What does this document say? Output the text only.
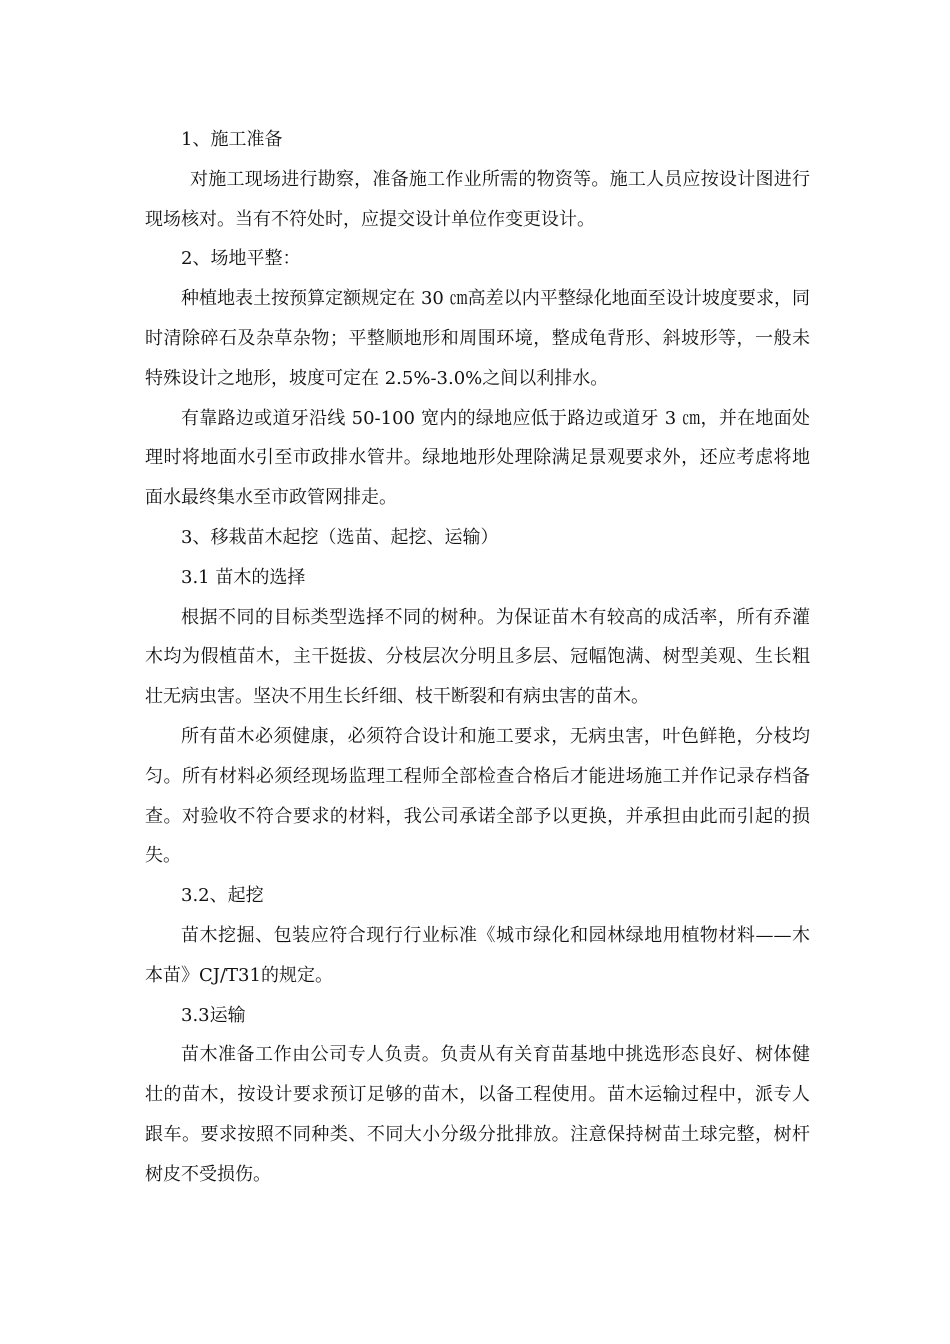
1、施工准备

对施工现场进行勘察，准备施工作业所需的物资等。施工人员应按设计图进行现场核对。当有不符处时，应提交设计单位作变更设计。

2、场地平整：

种植地表土按预算定额规定在 30 ㎝高差以内平整绿化地面至设计坡度要求，同时清除碎石及杂草杂物；平整顺地形和周围环境，整成龟背形、斜坡形等，一般未特殊设计之地形，坡度可定在 2.5%-3.0%之间以利排水。

有靠路边或道牙沿线 50-100 宽内的绿地应低于路边或道牙 3 ㎝，并在地面处理时将地面水引至市政排水管井。绿地地形处理除满足景观要求外，还应考虑将地面水最终集水至市政管网排走。

3、移栽苗木起挖（选苗、起挖、运输）

3.1 苗木的选择

根据不同的目标类型选择不同的树种。为保证苗木有较高的成活率，所有乔灌木均为假植苗木，主干挺拔、分枝层次分明且多层、冠幅饱满、树型美观、生长粗壮无病虫害。坚决不用生长纤细、枝干断裂和有病虫害的苗木。

所有苗木必须健康，必须符合设计和施工要求，无病虫害，叶色鲜艳，分枝均匀。所有材料必须经现场监理工程师全部检查合格后才能进场施工并作记录存档备查。对验收不符合要求的材料，我公司承诺全部予以更换，并承担由此而引起的损失。

3.2、起挖

苗木挖掘、包装应符合现行行业标准《城市绿化和园林绿地用植物材料——木本苗》CJ/T31的规定。

3.3运输

苗木准备工作由公司专人负责。负责从有关育苗基地中挑选形态良好、树体健壮的苗木，按设计要求预订足够的苗木，以备工程使用。苗木运输过程中，派专人跟车。要求按照不同种类、不同大小分级分批排放。注意保持树苗土球完整，树杆树皮不受损伤。
